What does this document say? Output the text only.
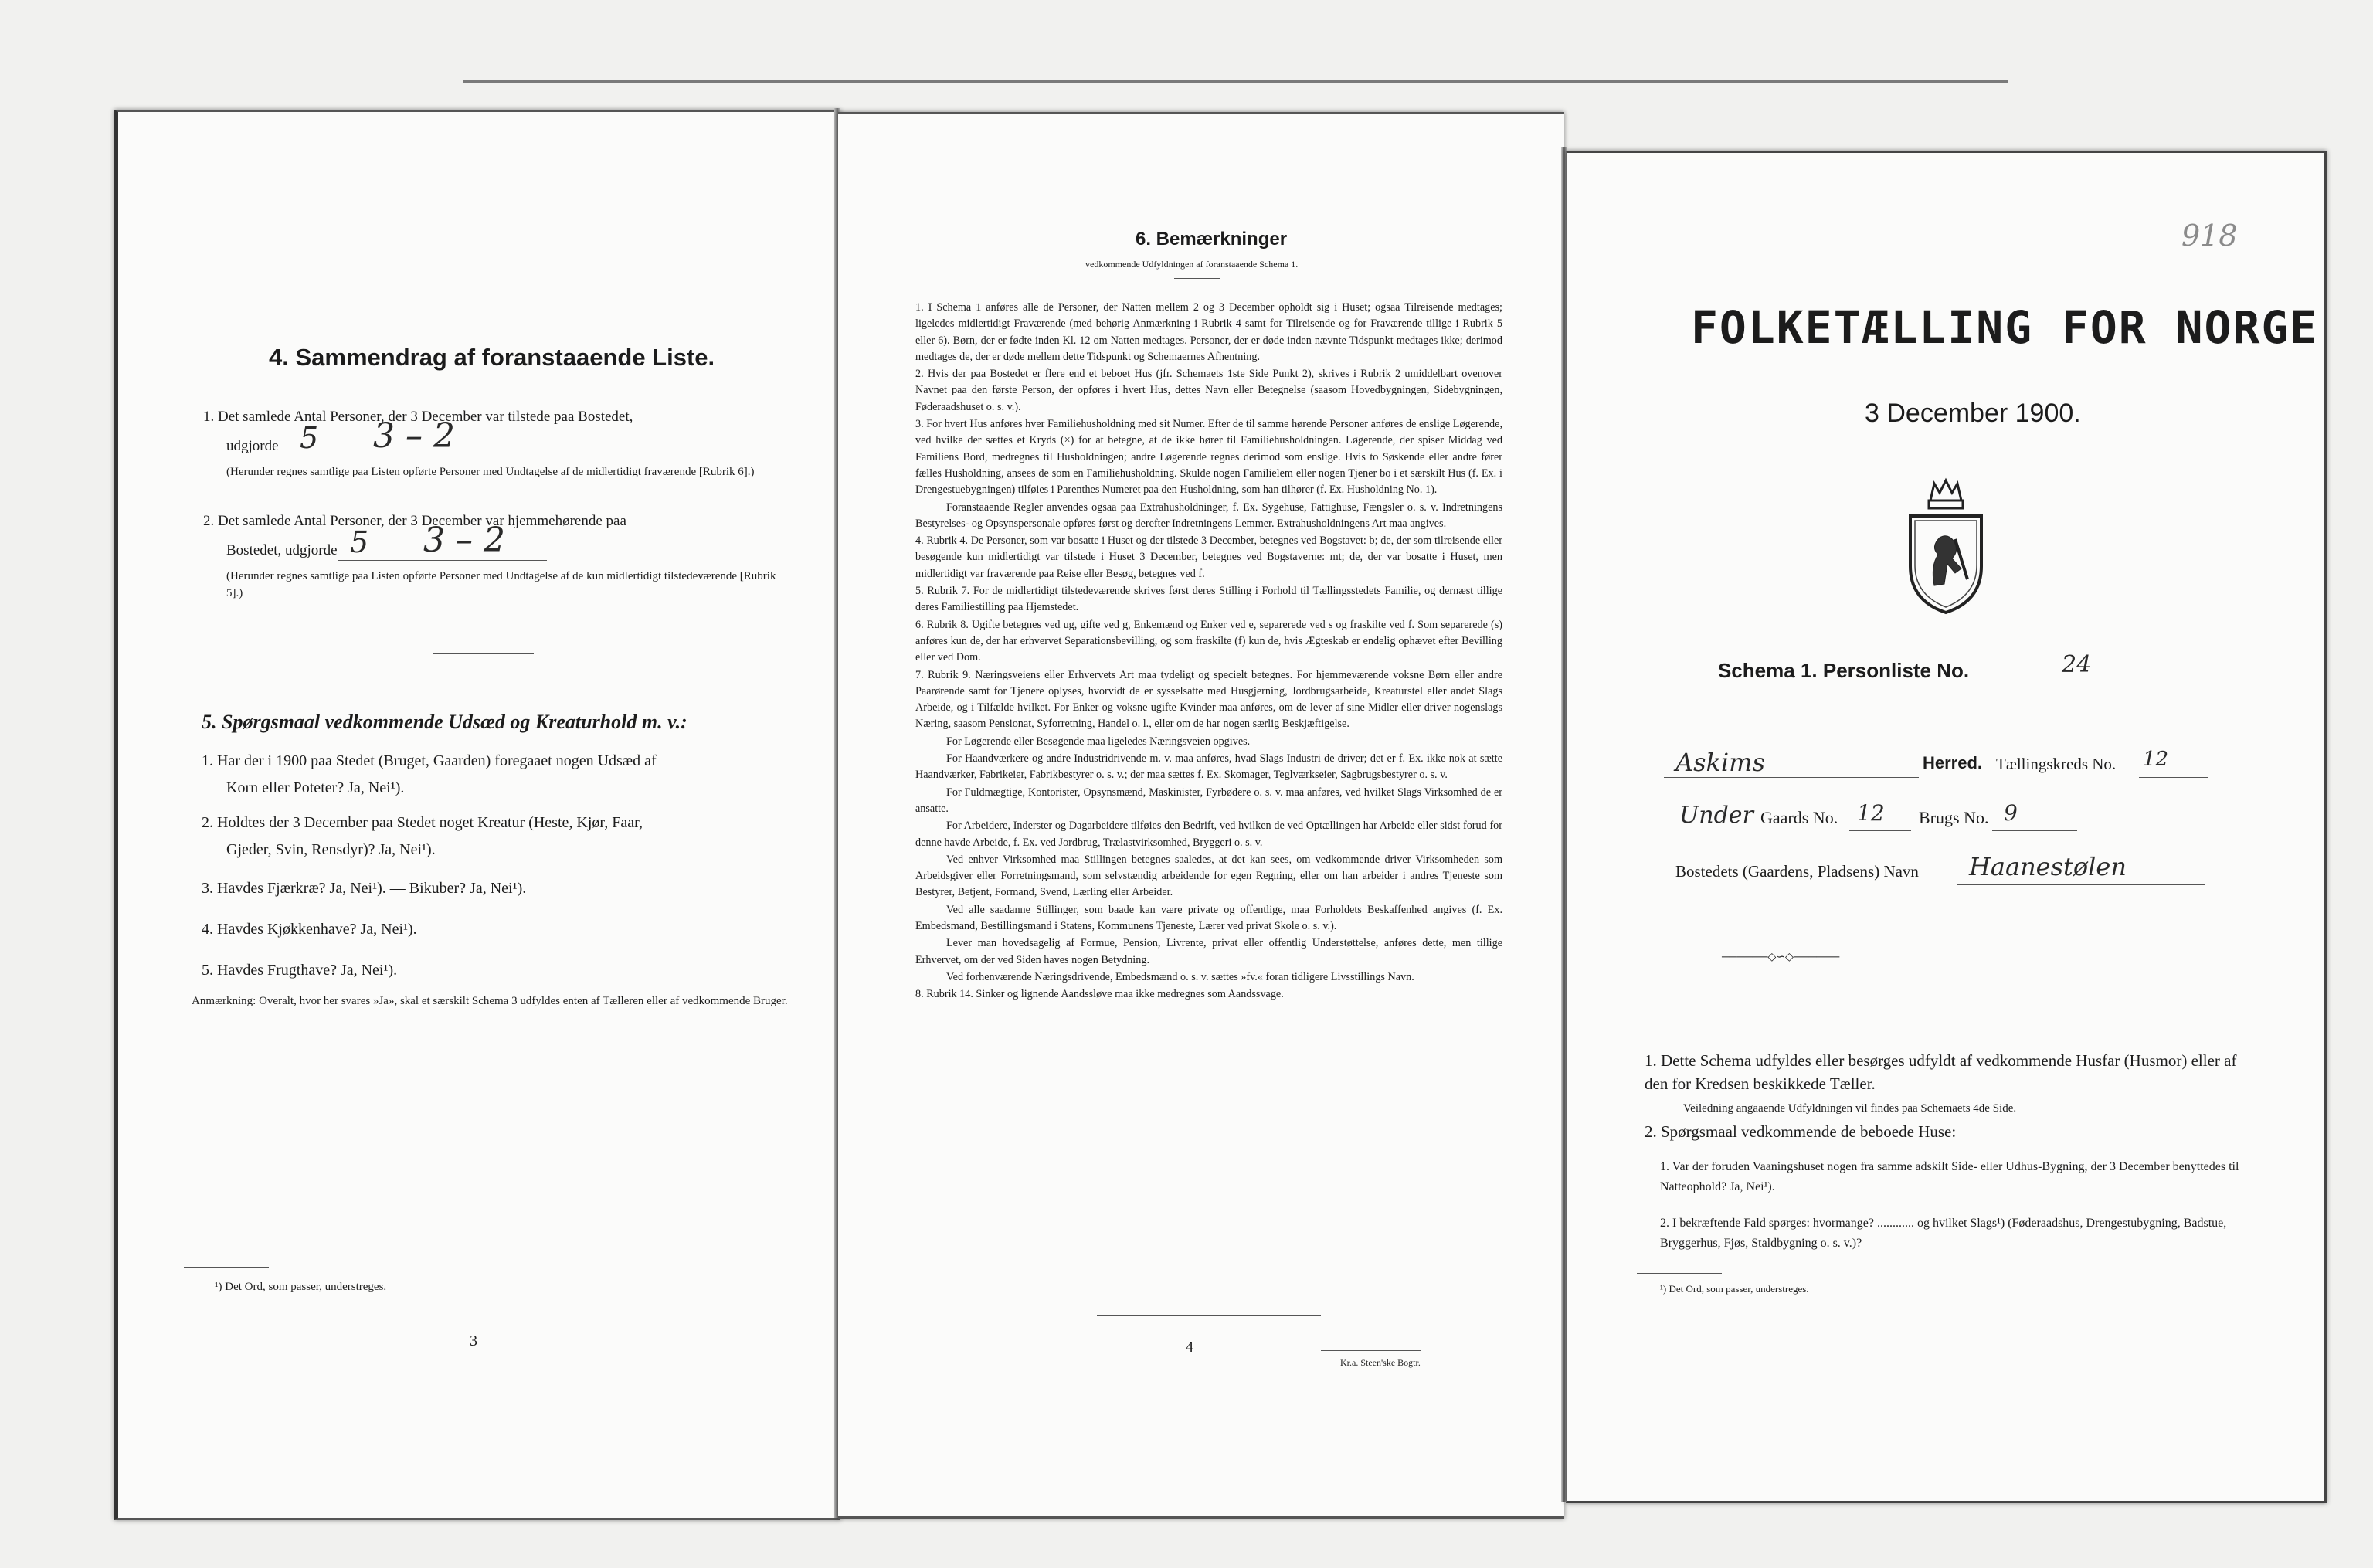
4. Sammendrag af foranstaaende Liste.
1. Det samlede Antal Personer, der 3 December var tilstede paa Bostedet,
udgjorde 5 3 – 2
(Herunder regnes samtlige paa Listen opførte Personer med Undtagelse af de midlertidigt fraværende [Rubrik 6].)
2. Det samlede Antal Personer, der 3 December var hjemmehørende paa
Bostedet, udgjorde 5 3 – 2
(Herunder regnes samtlige paa Listen opførte Personer med Undtagelse af de kun midlertidigt tilstedeværende [Rubrik 5].)
5. Spørgsmaal vedkommende Udsæd og Kreaturhold m. v.:
1. Har der i 1900 paa Stedet (Bruget, Gaarden) foregaaet nogen Udsæd af
Korn eller Poteter? Ja, Nei¹).
2. Holdtes der 3 December paa Stedet noget Kreatur (Heste, Kjør, Faar,
Gjeder, Svin, Rensdyr)? Ja, Nei¹).
3. Havdes Fjærkræ? Ja, Nei¹). — Bikuber? Ja, Nei¹).
4. Havdes Kjøkkenhave? Ja, Nei¹).
5. Havdes Frugthave? Ja, Nei¹).
Anmærkning: Overalt, hvor her svares »Ja», skal et særskilt Schema 3 udfyldes enten af Tælleren eller af vedkommende Bruger.
¹) Det Ord, som passer, understreges.
3
6. Bemærkninger
vedkommende Udfyldningen af foranstaaende Schema 1.

1. I Schema 1 anføres alle de Personer, der Natten mellem 2 og 3 December opholdt sig i Huset; ogsaa Tilreisende medtages; ligeledes midlertidigt Fraværende (med behørig Anmærkning i Rubrik 4 samt for Tilreisende og for Fraværende tillige i Rubrik 5 eller 6). Børn, der er fødte inden Kl. 12 om Natten medtages. Personer, der er døde inden nævnte Tidspunkt medtages ikke; derimod medtages de, der er døde mellem dette Tidspunkt og Schemaernes Afhentning.

2. Hvis der paa Bostedet er flere end et beboet Hus (jfr. Schemaets 1ste Side Punkt 2), skrives i Rubrik 2 umiddelbart ovenover Navnet paa den første Person, der opføres i hvert Hus, dettes Navn eller Betegnelse (saasom Hovedbygningen, Sidebygningen, Føderaadshuset o. s. v.).

3. For hvert Hus anføres hver Familiehusholdning med sit Numer. Efter de til samme hørende Personer anføres de enslige Løgerende, ved hvilke der sættes et Kryds (×) for at betegne, at de ikke hører til Familiehusholdningen. Løgerende, der spiser Middag ved Familiens Bord, medregnes til Husholdningen; andre Løgerende regnes derimod som enslige. Hvis to Søskende eller andre fører fælles Husholdning, ansees de som en Familiehusholdning. Skulde nogen Familielem eller nogen Tjener bo i et særskilt Hus (f. Ex. i Drengestuebygningen) tilføies i Parenthes Numeret paa den Husholdning, som han tilhører (f. Ex. Husholdning No. 1).

Foranstaaende Regler anvendes ogsaa paa Extrahusholdninger, f. Ex. Sygehuse, Fattighuse, Fængsler o. s. v. Indretningens Bestyrelses- og Opsynspersonale opføres først og derefter Indretningens Lemmer. Extrahusholdningens Art maa angives.

4. Rubrik 4. De Personer, som var bosatte i Huset og der tilstede 3 December, betegnes ved Bogstavet: b; de, der som tilreisende eller besøgende kun midlertidigt var tilstede i Huset 3 December, betegnes ved Bogstaverne: mt; de, der var bosatte i Huset, men midlertidigt var fraværende paa Reise eller Besøg, betegnes ved f.

5. Rubrik 7. For de midlertidigt tilstedeværende skrives først deres Stilling i Forhold til Tællingsstedets Familie, og dernæst tillige deres Familiestilling paa Hjemstedet.

6. Rubrik 8. Ugifte betegnes ved ug, gifte ved g, Enkemænd og Enker ved e, separerede ved s og fraskilte ved f. Som separerede (s) anføres kun de, der har erhvervet Separationsbevilling, og som fraskilte (f) kun de, hvis Ægteskab er endelig ophævet efter Bevilling eller ved Dom.

7. Rubrik 9. Næringsveiens eller Erhvervets Art maa tydeligt og specielt betegnes. For hjemmeværende voksne Børn eller andre Paarørende samt for Tjenere oplyses, hvorvidt de er sysselsatte med Husgjerning, Jordbrugsarbeide, Kreaturstel eller andet Slags Arbeide, og i Tilfælde hvilket. For Enker og voksne ugifte Kvinder maa anføres, om de lever af sine Midler eller driver nogenslags Næring, saasom Pensionat, Syforretning, Handel o. l., eller om de har nogen særlig Beskjæftigelse.

For Løgerende eller Besøgende maa ligeledes Næringsveien opgives.

For Haandværkere og andre Industridrivende m. v. maa anføres, hvad Slags Industri de driver; det er f. Ex. ikke nok at sætte Haandværker, Fabrikeier, Fabrikbestyrer o. s. v.; der maa sættes f. Ex. Skomager, Teglværkseier, Sagbrugsbestyrer o. s. v.

For Fuldmægtige, Kontorister, Opsynsmænd, Maskinister, Fyrbødere o. s. v. maa anføres, ved hvilket Slags Virksomhed de er ansatte.

For Arbeidere, Inderster og Dagarbeidere tilføies den Bedrift, ved hvilken de ved Optællingen har Arbeide eller sidst forud for denne havde Arbeide, f. Ex. ved Jordbrug, Trælastvirksomhed, Bryggeri o. s. v.

Ved enhver Virksomhed maa Stillingen betegnes saaledes, at det kan sees, om vedkommende driver Virksomheden som Arbeidsgiver eller Forretningsmand, som selvstændig arbeidende for egen Regning, eller om han arbeider i andres Tjeneste som Bestyrer, Betjent, Formand, Svend, Lærling eller Arbeider.

Ved alle saadanne Stillinger, som baade kan være private og offentlige, maa Forholdets Beskaffenhed angives (f. Ex. Embedsmand, Bestillingsmand i Statens, Kommunens Tjeneste, Lærer ved privat Skole o. s. v.).

Lever man hovedsagelig af Formue, Pension, Livrente, privat eller offentlig Understøttelse, anføres dette, men tillige Erhvervet, om der ved Siden haves nogen Betydning.

Ved forhenværende Næringsdrivende, Embedsmænd o. s. v. sættes »fv.« foran tidligere Livsstillings Navn.

8. Rubrik 14. Sinker og lignende Aandssløve maa ikke medregnes som Aandssvage.

4
Kr.a. Steen'ske Bogtr.
918
FOLKETÆLLING FOR NORGE
3 December 1900.
Schema 1. Personliste No.	24
Askims	Herred. Tællingskreds No. 12
Under Gaards No. 12 Brugs No. 9
Bostedets (Gaardens, Pladsens) Navn Haanestølen
──────◇∽◇──────
1. Dette Schema udfyldes eller besørges udfyldt af vedkommende Husfar (Husmor) eller af den for Kredsen beskikkede Tæller.
Veiledning angaaende Udfyldningen vil findes paa Schemaets 4de Side.
2. Spørgsmaal vedkommende de beboede Huse:
1. Var der foruden Vaaningshuset nogen fra samme adskilt Side- eller Udhus-Bygning, der 3 December benyttedes til Natteophold? Ja, Nei¹).
2. I bekræftende Fald spørges: hvormange? ............ og hvilket Slags¹) (Føderaadshus, Drengestubygning, Badstue, Bryggerhus, Fjøs, Staldbygning o. s. v.)?
¹) Det Ord, som passer, understreges.
